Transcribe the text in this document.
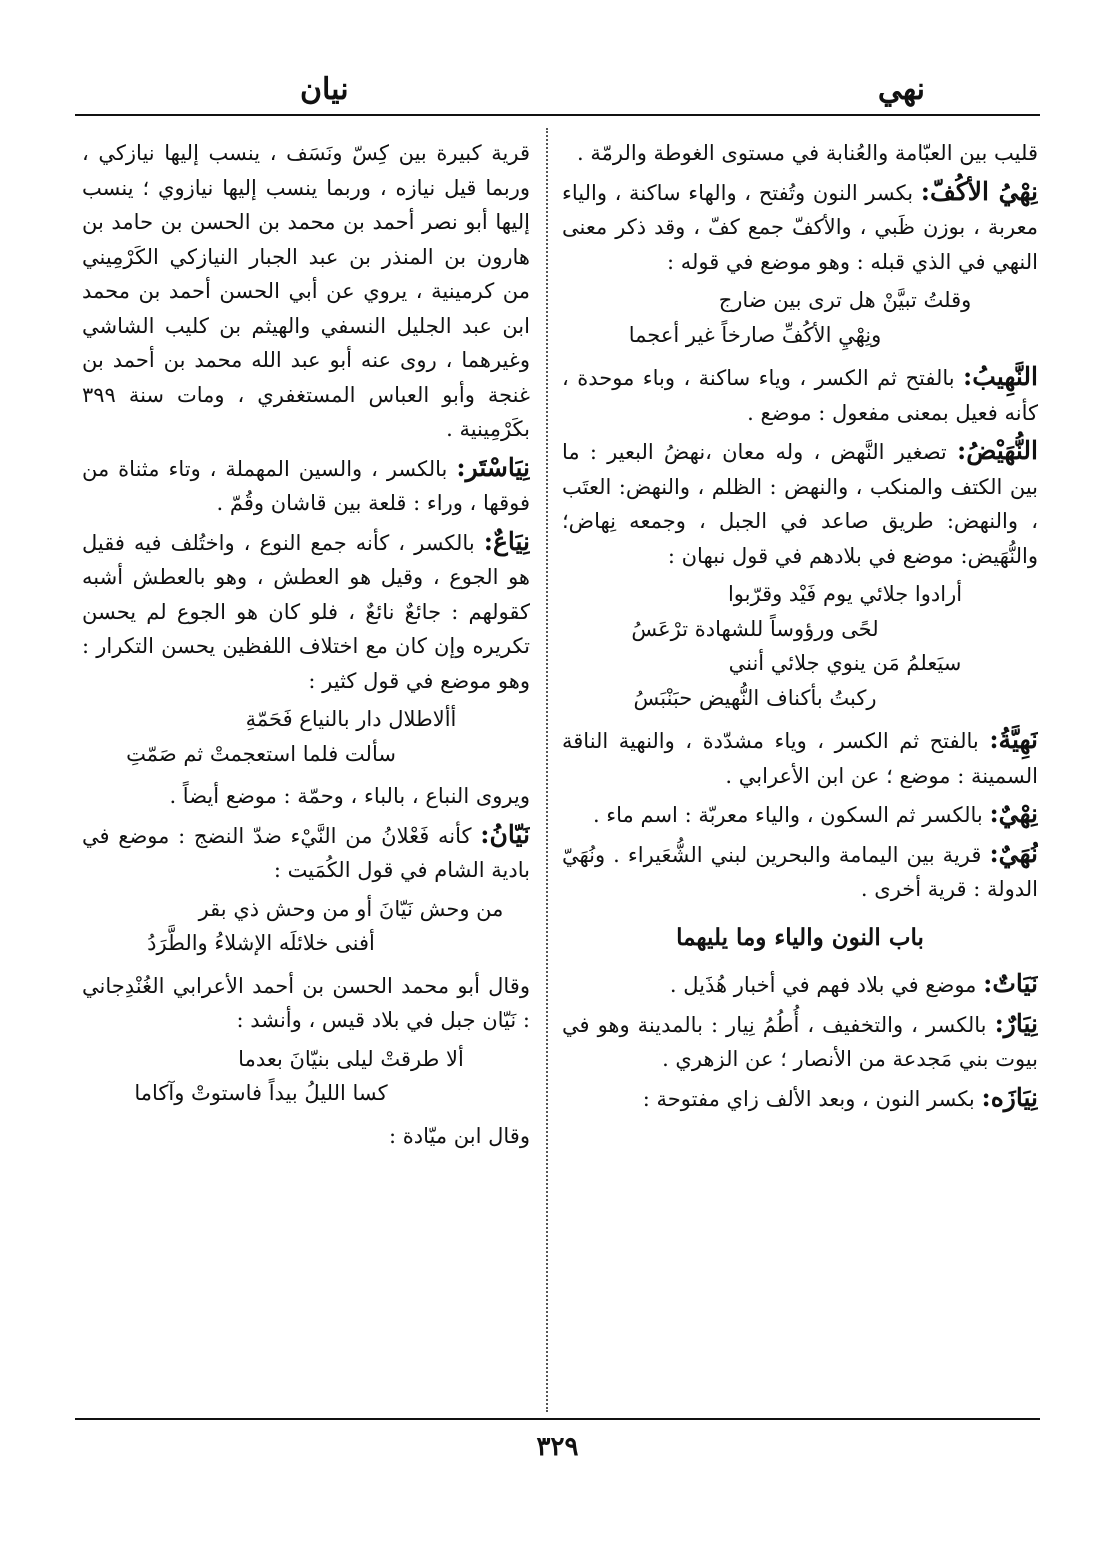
نهي
نيان

قليب بين العبّامة والعُنابة في مستوى الغوطة والرمّة .

نِهْيُ الأكُفّ: بكسر النون وتُفتح ، والهاء ساكنة ، والياء معربة ، بوزن ظَبي ، والأكفّ جمع كفّ ، وقد ذكر معنى النهي في الذي قبله : وهو موضع في قوله :
وقلتُ تبيَّنْ هل ترى بين ضارج
ونِهْيِ الأكُفِّ صارخاً غير أعجما
النَّهِيبُ: بالفتح ثم الكسر ، وياء ساكنة ، وباء موحدة ، كأنه فعيل بمعنى مفعول : موضع .
النُّهَيْضُ: تصغير النَّهض ، وله معان ،نهضُ البعير : ما بين الكتف والمنكب ، والنهض : الظلم ، والنهض: العتَب ، والنهض: طريق صاعد في الجبل ، وجمعه نِهاض؛ والنُّهَيض: موضع في بلادهم في قول نبهان :
أرادوا جلائي يوم فَيْد وقرّبوا
لحًى ورؤوساً للشهادة ترْعَسُ
سيَعلمُ مَن ينوي جلائي أنني
ركبتُ بأكناف النُّهيض حبَنْبَسُ
نَهِيَّةُ: بالفتح ثم الكسر ، وياء مشدّدة ، والنهية الناقة السمينة : موضع ؛ عن ابن الأعرابي .
نِهْيٌ: بالكسر ثم السكون ، والياء معربّة : اسم ماء .
نُهَيٌ: قرية بين اليمامة والبحرين لبني الشُّعَيراء . ونُهَيّ الدولة : قرية أخرى .
باب النون والياء وما يليهما
نَيَاتٌ: موضع في بلاد فهم في أخبار هُذَيل .
نِيَارٌ: بالكسر ، والتخفيف ، أُطُمُ نِيار : بالمدينة وهو في بيوت بني مَجدعة من الأنصار ؛ عن الزهري .
نِيَازَه: بكسر النون ، وبعد الألف زاي مفتوحة :

قرية كبيرة بين كِسّ ونَسَف ، ينسب إليها نيازكي ، وربما قيل نيازه ، وربما ينسب إليها نيازوي ؛ ينسب إليها أبو نصر أحمد بن محمد بن الحسن بن حامد بن هارون بن المنذر بن عبد الجبار النيازكي الكَرْمِيني من كرمينية ، يروي عن أبي الحسن أحمد بن محمد ابن عبد الجليل النسفي والهيثم بن كليب الشاشي وغيرهما ، روى عنه أبو عبد الله محمد بن أحمد بن غنجة وأبو العباس المستغفري ، ومات سنة ٣٩٩ بكَرْمِينية .

نِيَاسْتَر: بالكسر ، والسين المهملة ، وتاء مثناة من فوقها ، وراء : قلعة بين قاشان وقُمّ .
نِيَاعٌ: بالكسر ، كأنه جمع النوع ، واختُلف فيه فقيل هو الجوع ، وقيل هو العطش ، وهو بالعطش أشبه كقولهم : جائعٌ نائعٌ ، فلو كان هو الجوع لم يحسن تكريره وإن كان مع اختلاف اللفظين يحسن التكرار : وهو موضع في قول كثير :
أألاطلال دار بالنياع فَحَمّةِ
سألت فلما استعجمتْ ثم صَمّتِ

ويروى النباع ، بالباء ، وحمّة : موضع أيضاً .

نَيّانُ: كأنه فَعْلانُ من النَّيْء ضدّ النضج : موضع في بادية الشام في قول الكُمَيت :
من وحش نَيّانَ أو من وحش ذي بقر
أفنى خلائلَه الإشلاءُ والطَّرَدُ

وقال أبو محمد الحسن بن أحمد الأعرابي الغُنْدِجاني : نَيّان جبل في بلاد قيس ، وأنشد :

ألا طرقتْ ليلى بنيّانَ بعدما
كسا الليلُ بيداً فاستوتْ وآكاما

وقال ابن ميّادة :

٣٢٩
